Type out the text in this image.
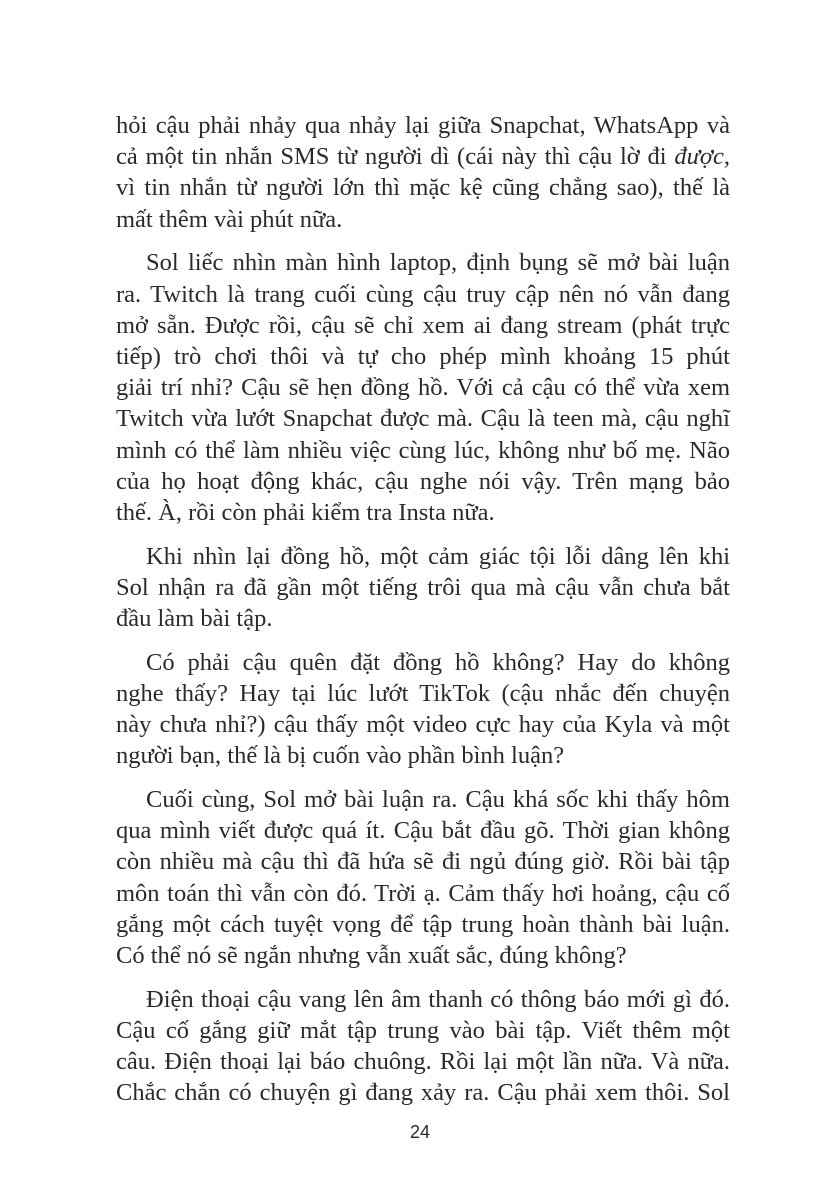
hỏi cậu phải nhảy qua nhảy lại giữa Snapchat, WhatsApp và
cả một tin nhắn SMS từ người dì (cái này thì cậu lờ đi được,
vì tin nhắn từ người lớn thì mặc kệ cũng chẳng sao), thế là
mất thêm vài phút nữa.

Sol liếc nhìn màn hình laptop, định bụng sẽ mở bài luận
ra. Twitch là trang cuối cùng cậu truy cập nên nó vẫn đang
mở sẵn. Được rồi, cậu sẽ chỉ xem ai đang stream (phát trực
tiếp) trò chơi thôi và tự cho phép mình khoảng 15 phút
giải trí nhỉ? Cậu sẽ hẹn đồng hồ. Với cả cậu có thể vừa xem
Twitch vừa lướt Snapchat được mà. Cậu là teen mà, cậu nghĩ
mình có thể làm nhiều việc cùng lúc, không như bố mẹ. Não
của họ hoạt động khác, cậu nghe nói vậy. Trên mạng bảo
thế. À, rồi còn phải kiểm tra Insta nữa.

Khi nhìn lại đồng hồ, một cảm giác tội lỗi dâng lên khi
Sol nhận ra đã gần một tiếng trôi qua mà cậu vẫn chưa bắt
đầu làm bài tập.

Có phải cậu quên đặt đồng hồ không? Hay do không
nghe thấy? Hay tại lúc lướt TikTok (cậu nhắc đến chuyện
này chưa nhỉ?) cậu thấy một video cực hay của Kyla và một
người bạn, thế là bị cuốn vào phần bình luận?

Cuối cùng, Sol mở bài luận ra. Cậu khá sốc khi thấy hôm
qua mình viết được quá ít. Cậu bắt đầu gõ. Thời gian không
còn nhiều mà cậu thì đã hứa sẽ đi ngủ đúng giờ. Rồi bài tập
môn toán thì vẫn còn đó. Trời ạ. Cảm thấy hơi hoảng, cậu cố
gắng một cách tuyệt vọng để tập trung hoàn thành bài luận.
Có thể nó sẽ ngắn nhưng vẫn xuất sắc, đúng không?

Điện thoại cậu vang lên âm thanh có thông báo mới gì đó.
Cậu cố gắng giữ mắt tập trung vào bài tập. Viết thêm một
câu. Điện thoại lại báo chuông. Rồi lại một lần nữa. Và nữa.
Chắc chắn có chuyện gì đang xảy ra. Cậu phải xem thôi. Sol

24
